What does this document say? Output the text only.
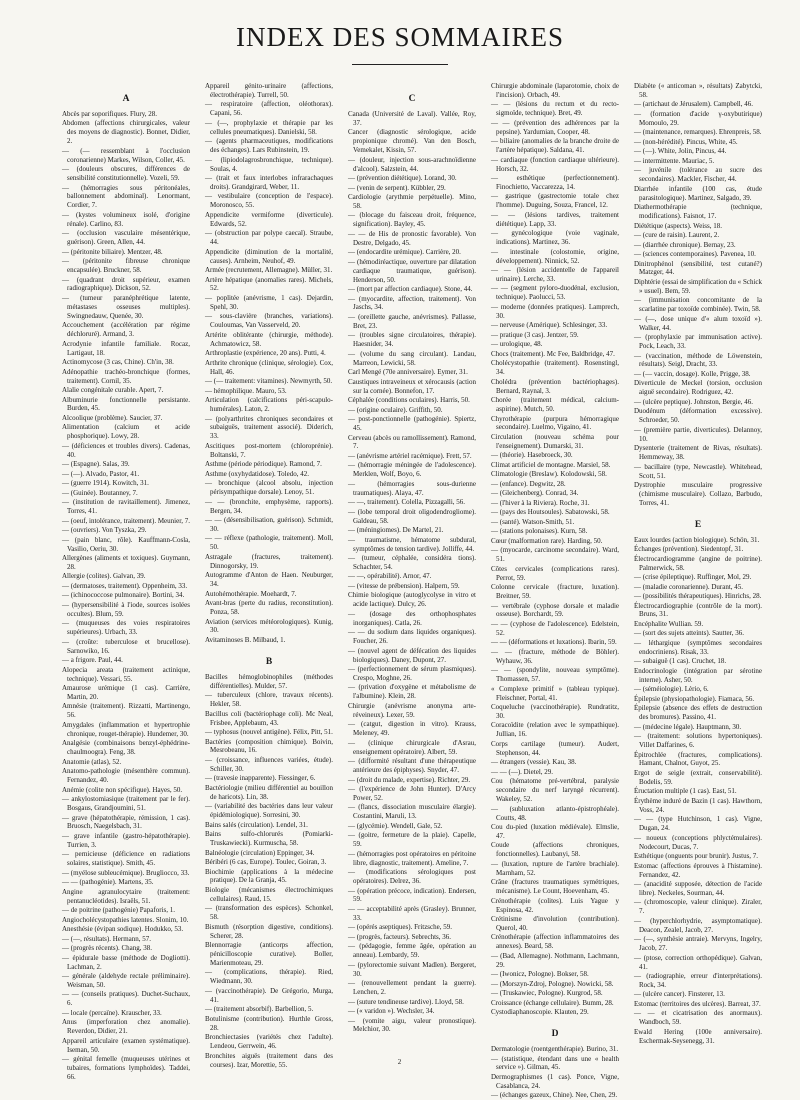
INDEX DES SOMMAIRES
A
Abcès par soporifiques. Flury, 28.
Abdomen (affections chirurgicales, valeur des moyens de diagnostic). Bonnet, Didier, 2.
— (— ressemblant à l'occlusion coronarienne) Markes, Wilson, Coller, 45.
— (douleurs obscures, différences de sensibilité constitutionnelle). Vozeli, 59.
— (hémorragies sous péritonéales, ballonnement abdominal). Lenormant, Cordier, 7.
— (kystes volumineux isolé, d'origine rénale). Carlino, 83.
— (occlusion vasculaire mésentérique, guérison). Green, Allen, 44.
— (péritonite biliaire). Mentzer, 48.
— (péritonite fibreuse chronique encapsulée). Bruckner, 58.
— (quadrant droit supérieur, examen radiographique). Dickson, 52.
— (tumeur paranéphrétique latente, métastases osseuses multiples). Swingnedauw, Quenée, 30.
Accouchement (accélération par régime déchloruré). Armand, 3.
Acrodynie infantile familiale. Rocaz, Lartigaut, 18.
Actinomycose (3 cas, Chine). Ch'in, 38.
Adénopathie trachéo-bronchique (formes, traitement). Cornil, 35.
Alalie congénitale curable. Apert, 7.
Albuminurie fonctionnelle persistante. Burden, 45.
Alcoolique (problème). Saucier, 37.
Alimentation (calcium et acide phosphorique). Lowy, 28.
— (déficiences et troubles divers). Cadenas, 40.
— (Espagne). Salas, 39.
— (—). Alvado, Pastor, 41.
— (guerre 1914). Kowitch, 31.
— (Guinée). Boutanney, 7.
— (institution de ravitaillement). Jimenez, Torres, 41.
— (oeuf, intolérance, traitement). Meunier, 7.
— (ouvriers). Von Tyszka, 29.
— (pain blanc, rôle). Kauffmann-Cosla, Vasilio, Oeriu, 30.
Allergènes (aliments et toxiques). Guymann, 28.
Allergie (colites). Galvan, 39.
— (dermatoses, traitement). Oppenheim, 33.
— (ichinococcose pulmonaire). Bortini, 34.
— (hypersensibilité à l'iode, sources isolées occultes). Blum, 59.
— (muqueuses des voies respiratoires supérieures). Urbach, 33.
— (croûte: tuberculose et brucellose). Sarnowiko, 16.
— a frigore. Paul, 44.
Alopecia areata (traitement actinique, technique). Vessari, 55.
Amaurose urémique (1 cas). Carrière, Martin, 20.
Amnésie (traitement). Rizzatti, Martinengo, 56.
Amygdales (inflammation et hypertrophie chronique, rouget-thérapie). Hundemer, 30.
Analgésie (combinaisons benzyl-éphédrine-chaulmoogra). Feng, 38.
Anatomie (atlas), 52.
Anatomo-pathologie (mésenthère commun). Fernandez, 40.
Anémie (colite non spécifique). Hayes, 50.
— ankylostomiasique (traitement par le fer). Bosgaus, Grandjoumini, 51.
— grave (hépatothérapie, rémission, 1 cas). Bruosch, Naegelsbach, 31.
— grave infantile (gastro-hépatothérapie). Turrien, 3.
— pernicieuse (déficience en radiations solaires, statistique). Smith, 45.
— (myélose subleucémique). Brugliocco, 33.
— — (pathogénie). Martens, 35.
Angine agranulocytaire (traitement: pentanucléotides). Israëls, 51.
— de poitrine (pathogénie) Papaforis, 1.
Angiocholécystopathies latentes. Slonim, 10.
Anesthésie (évipan sodique). Hodukko, 53.
— (—, résultats). Hermann, 57.
— (progrès récents). Chang, 38.
— épidurale basse (méthode de Dogliotti). Lachman, 2.
— générale (aldehyde rectale préliminaire). Weisman, 50.
— — (conseils pratiques). Duchet-Suchaux, 6.
— locale (percaïne). Krauscher, 33.
Anus (imperforation chez anomalie). Reverdon, Didier, 21.
Appareil articulaire (examen systématique). Iseman, 50.
— génital femelle (muqueuses utérines et tubaires, formations lymphoïdes). Taddei, 66.
Appareil génito-urinaire (affections, électrothérapie). Turrell, 50.
— respiratoire (affection, oléothorax). Capani, 56.
— (—, prophylaxie et thérapie par les cellules pneumatiques). Danielski, 58.
— (agents pharmaceutiques, modifications des échanges). Lars Rubinstein, 19.
— (lipiodolagrosbronchique, technique). Soulas, 4.
— (trait et faux interlobes infrarachaques droits). Grandgirard, Weber, 11.
— vestibulaire (conception de l'espace). Moronosco, 55.
Appendicite vermiforme (diverticule). Edwards, 52.
— (obstruction par polype caecal). Straube, 44.
Appendicite (diminution de la mortalité, causes). Arnheim, Neuhof, 49.
Armée (recrutement, Allemagne). Müller, 31.
Artère hépatique (anomalies rares). Michels, 52.
— poplitée (anévrisme, 1 cas). Dejardin, Spehl, 30.
— sous-clavière (branches, variations). Couloumas, Van Vasserveld, 20.
Artérite oblitérante (chirurgie, méthode). Achmatowicz, 58.
Arthroplastie (expérience, 20 ans). Putti, 4.
Arthrite chronique (clinique, sérologie). Cox, Hall, 46.
— (— traitement: vitamines). Newmyrth, 50.
— hémophilique. Mauro, 53.
Articulation (calcifications péri-scapulo-humérales). Laton, 2.
— (polyarthrites chroniques secondaires et subaiguës, traitement associé). Diderich, 33.
Ascitiques post-mortem (chloroprénie). Boltanski, 7.
Asthme (période périodique). Ramond, 7.
Asthme (oxyhydatidose). Toledo, 42.
— bronchique (alcool absolu, injection périsympathique dorsale). Lenoy, 51.
— — (bronchite, emphysème, rapports). Bergen, 34.
— — (désensibilisation, guérison). Schmidt, 30.
— — réflexe (pathologie, traitement). Moll, 50.
Astragale (fractures, traitement). Dinnogorsky, 19.
Autogramme d'Anton de Haen. Neuburger, 34.
Autohémothérapie. Moehardt, 7.
Avant-bras (perte du radius, reconstitution). Ponza, 58.
Aviation (services météorologiques). Kunig, 30.
Avitaminoses B. Milbaud, 1.
B
Bacilles hémoglobinophiles (méthodes différentielles). Mulder, 57.
— tuberculeux (chlore, travaux récents). Hekler, 58.
Bacillus coli (bactériophage coli). Mc Neal, Frisbee, Applebaum, 43.
— typhosus (nouvel antigène). Félix, Pitt, 51.
Bactéries (composition chimique). Boivin, Mesrobeanu, 16.
— (croissance, influences variées, étude). Schiller, 30.
— (travesie inapparente). Fiessinger, 6.
Bactériologie (milieu différentiel au bouillon de haricots). Lin, 38.
— (variabilité des bactéries dans leur valeur épidémiologique). Sorresini, 30.
Bains salés (circulation). Lendel, 31.
Bains sulfo-chlorurés (Pomiarki-Truskawiecki). Kurmuscha, 58.
Balnéologie (circulation) Eppinger, 34.
Béribéri (6 cas, Europe). Toulec, Goiran, 3.
Biochimie (applications à la médecine pratique). De la Granja, 45.
Biologie (mécanismes électrochimiques cellulaires). Raud, 15.
— (transformation des espèces). Schonkel, 58.
Bismuth (résorption digestive, conditions). Scherer, 28.
Blennorragie (anticorps affection, pénicilloscopie curative). Boller, Marienmoteau, 29.
— (complications, thérapie). Ried, Wiedmann, 30.
— (vaccinothérapie). De Grégorio, Murga, 41.
— (traitement absorbif). Barbellion, 5.
Botulinisme (contribution). Hurthle Gross, 28.
Bronchiectasies (variétés chez l'adulte). Lendeou, Gerrwein, 46.
Bronchites aiguës (traitement dans des courses). Izar, Morettie, 55.
C
Canada (Université de Laval). Vallée, Roy, 37.
Cancer (diagnostic sérologique, acide propionique chromé). Van den Bosch, Vemekalet, Kissin, 57.
— (douleur, injection sous-arachnoïdienne d'alcool). Salzstein, 44.
— (prévention diététique). Lorand, 30.
— (venin de serpent). Kübbler, 29.
Cardiologie (arythmie perpétuelle). Mino, 58.
— (blocage du faisceau droit, fréquence, signification). Bayley, 45.
— — de His de pronostic favorable). Von Destre, Delgado, 45.
— (endocardite urémique). Carrière, 20.
— (hémodiréactique, ouverture par dilatation cardiaque traumatique, guérison). Henderson, 50.
— (mort par affection cardiaque). Stone, 44.
— (myocardite, affection, traitement). Von Jaschs, 34.
— (oreillette gauche, anévrismes). Pallasse, Bret, 23.
— (troubles signe circulatoires, thérapie). Haesnider, 34.
— (volume du sang circulant). Landau, Marreon, Lewicki, 58.
Carl Mengé (70e anniversaire). Eymer, 31.
Caustiques intraveineux et xérocausis (action sur la cornée). Bonnefon, 17.
Céphalée (conditions oculaires). Harris, 50.
— (origine oculaire). Griffith, 50.
— post-ponctionnelle (pathogénie). Spiertz, 45.
Cerveau (abcès ou ramollissement). Ramond, 7.
— (anévrisme artériel racémique). Frett, 57.
— (hémorragie méningée de l'adolescence). Merklen, Wolf, Boyo, 6.
— (hémorragies sous-durienne traumatiques). Alaya, 47.
— —, traitement). Colella, Pizzagalli, 56.
— (lobe temporal droit oligodendrogliome). Galdeau, 58.
— (méningiomes). De Martel, 21.
— traumatisme, hématome subdural, symptômes de tension tardive). Jolliffe, 44.
— (tumeur, céphalée, considéra tions). Schachter, 54.
— —, opérabilité). Arnor, 47.
— (vitesse de prébension). Halpern, 59.
Chimie biologique (autoglycolyse in vitro et acide lactique). Dulcy, 26.
— (dosage des orthophosphates inorganiques). Catla, 26.
— — du sodium dans liquides organiques). Foucher, 26.
— (nouvel agent de défécation des liquides biologiques). Daney, Dupont, 27.
— (perfectionnement de sérum plasmiques). Crespo, Moghne, 26.
— (privation d'oxygène et métabolisme de l'albumine). Klein, 28.
Chirurgie (anévrisme anonyma arte-réveineux). Lexer, 59.
— (catgut, digestion in vitro). Krauss, Meleney, 49.
— (clinique chirurgicale d'Asrau, enseignement opératoire). Albert, 59.
— (difformité résultant d'une thérapeutique antérieure des épiphyses). Snyder, 47.
— (droit du malade, expertise). Richter, 29.
— (l'expérience de John Hunter). D'Arcy Power, 52.
— (flancs, dissociation musculaire élargie). Costantini, Maruli, 13.
— (glycémie). Wendell, Gale, 52.
— (goitre, fermeture de la plaie). Capelle, 59.
— (hémorragies post opératoires en péritoine libre, diagnostic, traitement). Ameline, 7.
— (modifications sérologiques post opératoires). Delrez, 36.
— (opération précoce, indication). Endersen, 59.
— — acceptabilité après (Grasley). Brunner, 33.
— (opérés aseptiques). Fritzsche, 59.
— (progrès, facteurs). Sebrechts, 36.
— (pédagogie, femme âgée, opération au anneau). Lembardy, 59.
— (pylorectomie suivant Madlen). Bergeret, 30.
— (renouvellement pendant la guerre). Lenchen, 2.
— (suture tendineuse tardive). Lloyd, 58.
— (« varidon »). Wechsler, 34.
— (vomite aigu, valeur pronostique). Melchior, 30.
Chirurgie abdominale (laparotomie, choix de l'incision). Orbach, 49.
— — (lésions du rectum et du recto-sigmoïde, technique). Bret, 49.
— — (prévention des adhérences par la pepsine). Yardumian, Cooper, 48.
— biliaire (anomalies de la branche droite de l'artère hépatique). Saldana, 41.
— cardiaque (fonction cardiaque ultérieure). Horsch, 32.
— esthétique (perfectionnement). Finochietto, Vaccarezza, 14.
— gastrique (gastrectomie totale chez l'homme). Duguing, Souza, Francel, 12.
— — (lésions tardives, traitement diététique). Lapp, 33.
— gynécologique (voie vaginale, indications). Martinez, 36.
— intestinale (colostomie, origine, développement). Ninnick, 52.
— — (lésion accidentelle de l'appareil urinaire). Lerche, 33.
— — (segment pyloro-duodénal, exclusion, technique). Paolucci, 53.
— moderne (données pratiques). Lamprech, 30.
— nerveuse (Amérique). Schlesinger, 33.
— pratique (3 cas). Jentzer, 59.
— urologique, 48.
Chocs (traitement). Mc Fee, Baldbridge, 47.
Cholécystopathie (traitement). Rosenstingl, 34.
Cholédra (prévention bactériophages). Bernard, Raynal, 3.
Chorée (traitement médical, calcium-aspirine). Mutch, 50.
Chyrothérapie (purpura hémorragique secondaire). Luelmo, Vigaino, 41.
Circulation (nouveau schéma pour l'enseignement). Dumarski, 31.
— (théorie). Hasebroeck, 30.
Climat artificiel de montagne. Marsiel, 58.
Climatologie (Breslaw). Kolodowski, 58.
— (enfance). Degwitz, 28.
— (Gleichenberg). Conrad, 34.
— (l'hiver à la Riviera). Roche, 31.
— (pays des Houtsoules). Sabatowski, 58.
— (santé). Watson-Smith, 51.
— (stations polonaises). Kurn, 58.
Cœur (malformation rare). Harding, 50.
— (myocarde, carcinome secondaire). Ward, 51.
Côtes cervicales (complications rares). Perrot, 59.
Colonne cervicale (fracture, luxation). Breitner, 59.
— vertébrale (cyphose dorsale et maladie osseuse). Borchardt, 59.
— — (cyphose de l'adolescence). Edelstein, 52.
— — (déformations et luxations). Ibarin, 59.
— — (fracture, méthode de Böhler). Wyhauw, 36.
— — (spondylite, nouveau symptôme). Thomassen, 57.
« Complexe primitif » (tableau typique). Fleischner, Portal, 41.
Coqueluche (vaccinothérapie). Rundratitz, 30.
Coracoïdite (relation avec le sympathique). Jullian, 16.
Corps cartilage (tumeur). Audert, Stephenson, 44.
— étrangers (vessie). Kau, 38.
— — (—). Dietel, 29.
Cou (hématome pré-vertébral, paralysie secondaire du nerf laryngé récurrent). Wakeley, 52.
— (subluxation atlanto-épistrophéale). Coutts, 48.
Cou du-pied (luxation médiévale). Elmslie, 47.
Coude (affections chroniques, fonctionnelles). Laubanyi, 58.
— (luxation, rupture de l'artère brachiale). Marnham, 52.
Crâne (fractures traumatiques symétriques, mécanisme). Le Count, Hoevenham, 45.
Crénothérapie (colites). Luis Yague y Espinosa, 42.
Crétinisme d'involution (contribution). Querol, 40.
Crénothérapie (affection inflammatoires des annexes). Beard, 58.
— (Bad, Allemagne). Nothmann, Lachmann, 29.
— (Iwonicz, Pologne). Bokser, 58.
— (Morszyn-Zdroj, Pologne). Nowicki, 58.
— (Truskawiec, Pologne). Kurgrod, 58.
Croissance (échange cellulaire). Bumm, 28.
Cystodiaphanoscopie. Klauten, 29.
D
Dermatologie (roentgenthérapie). Burino, 31.
— (statistique, étendant dans une « health service »). Gilman, 45.
Dermographismes (1 cas). Ponce, Vigne, Casablanca, 24.
— (échanges gazeux, Chine). Nee, Chen, 29.
Diabète (« anticoman », résultats) Zabytcki, 58.
— (artichaut de Jérusalem). Campbell, 46.
— (formation d'acide γ-oxybutirique) Momoulo, 29.
— (maintenance, remarques). Ehrenpreis, 58.
— (non-hérédité). Pincus, White, 45.
— (—). White, Jolin, Pincus, 44.
— intermittente. Mauriac, 5.
— juvénile (tolérance au sucre des secondaires). Mackler, Fischer, 44.
Diarrhée infantile (100 cas, étude parasitologique). Martinez, Salgado, 39.
Diathermothérapie (technique, modifications). Faisnot, 17.
Diététique (aspects). Weiss, 18.
— (cure de raisin). Laurent, 2.
— (diarrhée chronique). Bernay, 23.
— (sciences contemporaines). Pavenea, 10.
Dinitrophénol (sensibilité, test cutané?) Matzger, 44.
Diphtérie (essai de simplification du « Schick » usuel). Bem, 59.
— (immunisation concomitante de la scarlatine par toxoïde combinée). Twin, 58.
— (—, dose unique d'« alum toxoïd »). Walker, 44.
— (prophylaxie par immunisation active). Pock, Leach, 33.
— (vaccination, méthode de Löwenstein, résultats). Seigl, Dracht, 33.
— (— vaccin, dosage). Kolle, Prigge, 38.
Diverticule de Meckel (torsion, occlusion aiguë secondaire). Rodriguez, 42.
— (ulcère peptique). Johnston, Bergie, 46.
Duodénum (déformation excessive). Schroeder, 50.
— (première partie, diverticules). Delannoy, 10.
Dysenterie (traitement de Rivas, résultats). Hemmeway, 38.
— bacillaire (type, Newcastle). Whitehead, Scott, 51.
Dystrophie musculaire progressive (chimisme musculaire). Collazo, Barbudo, Torres, 41.
E
Eaux lourdes (action biologique). Schön, 31.
Échanges (prévention). Siedentopf, 31.
Électrocardiogramme (angine de poitrine). Palmerwick, 58.
— (crise épileptique). Ruffinger, Mol, 29.
— (maladie coronarienne). Durant, 45.
— (possibilités thérapeutiques). Hinrichs, 28.
Électrocardiographie (contrôle de la mort). Bruns, 31.
Encéphalite Wullian. 59.
— (sort des sujets atteints). Sautter, 36.
— léthargique (symptômes secondaires endocriniens). Risak, 33.
— subaiguë (1 cas). Cruchet, 18.
Endocrinologie (intégration par sérotine interne). Asher, 50.
— (séméiologie). Lèrio, 6.
Épilepsie (physiopathologie). Fiamaca, 56.
Épilepsie (absence des effets de destruction des bromures). Passino, 41.
— (médecine légale). Hauptmann, 30.
— (traitement: solutions hypertoniques). Villet Daffarines, 6.
Épitrochlée (fractures, complications). Hamant, Chalnot, Guyot, 25.
Ergot de seigle (extrait, conservabilité). Bodelis, 59.
Éructation multiple (1 cas). East, 51.
Érythème induré de Bazin (1 cas). Hawthorn, Voss, 24.
— — (type Hutchinson, 1 cas). Vigne, Dugan, 24.
— noueux (conceptions phlyctémulaires). Nodecourt, Ducas, 7.
Esthétique (onguents pour brunir). Justus, 7.
Estomac (affections éprouves à l'histamine). Fernandez, 42.
— (anacidité supposée, détection de l'acide libre). Neckeles, Sourman, 44.
— (chromoscopie, valeur clinique). Ziraler, 7.
— (hyperchlorhydrie, asymptomatique). Deacon, Zealel, Jacob, 27.
— (—, synthèsie antraie). Mervyns, Ingelry, Jacob, 27.
— (ptose, correction orthopédique). Galvan, 41.
— (radiographie, erreur d'interprétations). Rock, 34.
— (ulcère cancer). Finsterer, 13.
Estomac (territoires des ulcères). Barreat, 37.
— — et cicatrisation des anormaux). Wandboch, 59.
Ewald Hering (100e anniversaire). Eschermak-Seysenegg, 31.
2
